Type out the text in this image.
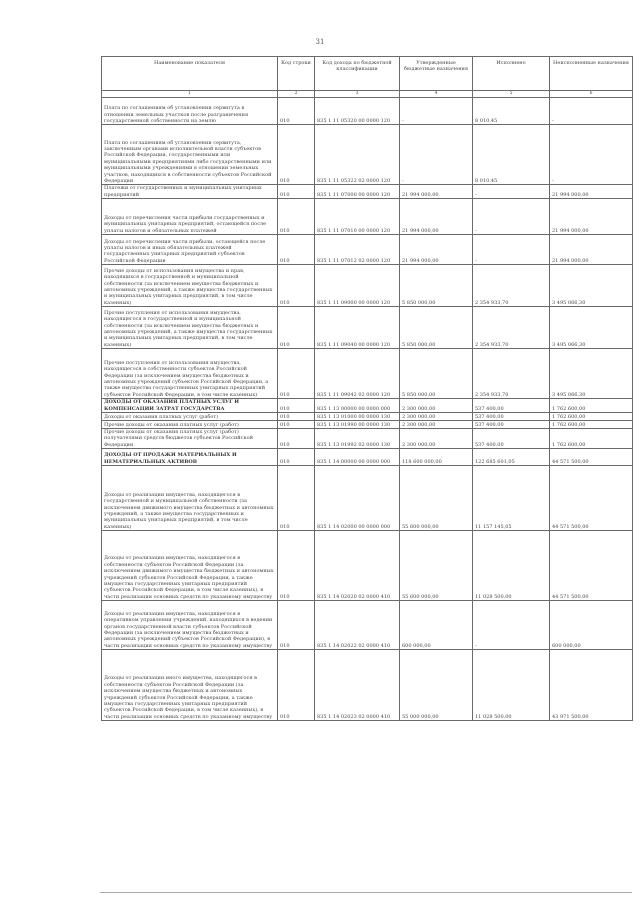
31
Наименование показателя	Код строки	Код дохода по бюджетной классификации	Утвержденные бюджетные назначения	Исполнено	Неисполненные назначения
1	2	3	4	5	6
Плата по соглашениям об установлении сервитута в отношении земельных участков после разграничения государственной собственности на землю	010	835 1 11 05320 00 0000 120	-	8 010,45	-
Плата по соглашениям об установлении сервитута, заключенным органами исполнительной власти субъектов Российской Федерации, государственными или муниципальными предприятиями либо государственными или муниципальными учреждениями в отношении земельных участков, находящихся в собственности субъектов Российской Федерации	010	835 1 11 05322 02 0000 120	-	8 010,45	-
Платежи от государственных и муниципальных унитарных предприятий	010	835 1 11 07000 00 0000 120	21 994 000,00	-	21 994 000,00
Доходы от перечисления части прибыли государственных и муниципальных унитарных предприятий, остающейся после уплаты налогов и обязательных платежей	010	835 1 11 07010 00 0000 120	21 994 000,00	-	21 994 000,00
Доходы от перечисления части прибыли, остающейся после уплаты налогов и иных обязательных платежей государственных унитарных предприятий субъектов Российской Федерации	010	835 1 11 07012 02 0000 120	21 994 000,00	-	21 994 000,00
Прочие доходы от использования имущества и прав, находящихся в государственной и муниципальной собственности (за исключением имущества бюджетных и автономных учреждений, а также имущества государственных и муниципальных унитарных предприятий, в том числе казенных)	010	835 1 11 09000 00 0000 120	5 850 000,00	2 354 933,70	3 495 066,30
Прочие поступления от использования имущества, находящегося в государственной и муниципальной собственности (за исключением имущества бюджетных и автономных учреждений, а также имущества государственных и муниципальных унитарных предприятий, в том числе казенных)	010	835 1 11 09040 00 0000 120	5 850 000,00	2 354 933,70	3 495 066,30
Прочие поступления от использования имущества, находящегося в собственности субъектов Российской Федерации (за исключением имущества бюджетных и автономных учреждений субъектов Российской Федерации, а также имущества государственных унитарных предприятий субъектов Российской Федерации, в том числе казенных)	010	835 1 11 09042 02 0000 120	5 850 000,00	2 354 933,70	3 495 066,30
ДОХОДЫ ОТ ОКАЗАНИЯ ПЛАТНЫХ УСЛУГ И КОМПЕНСАЦИИ ЗАТРАТ ГОСУДАРСТВА	010	835 1 13 00000 00 0000 000	2 300 000,00	537 400,00	1 762 600,00
Доходы от оказания платных услуг (работ)	010	835 1 13 01000 00 0000 130	2 300 000,00	537 400,00	1 762 600,00
Прочие доходы от оказания платных услуг (работ)	010	835 1 13 01990 00 0000 130	2 300 000,00	537 400,00	1 762 600,00
Прочие доходы от оказания платных услуг (работ) получателями средств бюджетов субъектов Российской Федерации	010	835 1 13 01992 02 0000 130	2 300 000,00	537 400,00	1 762 600,00
ДОХОДЫ ОТ ПРОДАЖИ МАТЕРИАЛЬНЫХ И НЕМАТЕРИАЛЬНЫХ АКТИВОВ	010	835 1 14 00000 00 0000 000	118 600 000,00	122 685 601,05	44 571 500,00
Доходы от реализации имущества, находящегося в государственной и муниципальной собственности (за исключением движимого имущества бюджетных и автономных учреждений, а также имущества государственных и муниципальных унитарных предприятий, в том числе казенных)	010	835 1 14 02000 00 0000 000	55 600 000,00	11 157 145,05	44 571 500,00
Доходы от реализации имущества, находящегося в собственности субъектов Российской Федерации (за исключением движимого имущества бюджетных и автономных учреждений субъектов Российской Федерации, а также имущества государственных унитарных предприятий субъектов Российской Федерации, в том числе казенных), в части реализации основных средств по указанному имуществу	010	835 1 14 02020 02 0000 410	55 600 000,00	11 028 500,00	44 571 500,00
Доходы от реализации имущества, находящегося в оперативном управлении учреждений, находящихся в ведении органов государственной власти субъектов Российской Федерации (за исключением имущества бюджетных и автономных учреждений субъектов Российской Федерации), в части реализации основных средств по указанному имуществу	010	835 1 14 02022 02 0000 410	600 000,00	-	600 000,00
Доходы от реализации иного имущества, находящегося в собственности субъектов Российской Федерации (за исключением имущества бюджетных и автономных учреждений субъектов Российской Федерации, а также имущества государственных унитарных предприятий субъектов Российской Федерации, в том числе казенных), в части реализации основных средств по указанному имуществу	010	835 1 14 02023 02 0000 410	55 000 000,00	11 028 500,00	43 971 500,00
